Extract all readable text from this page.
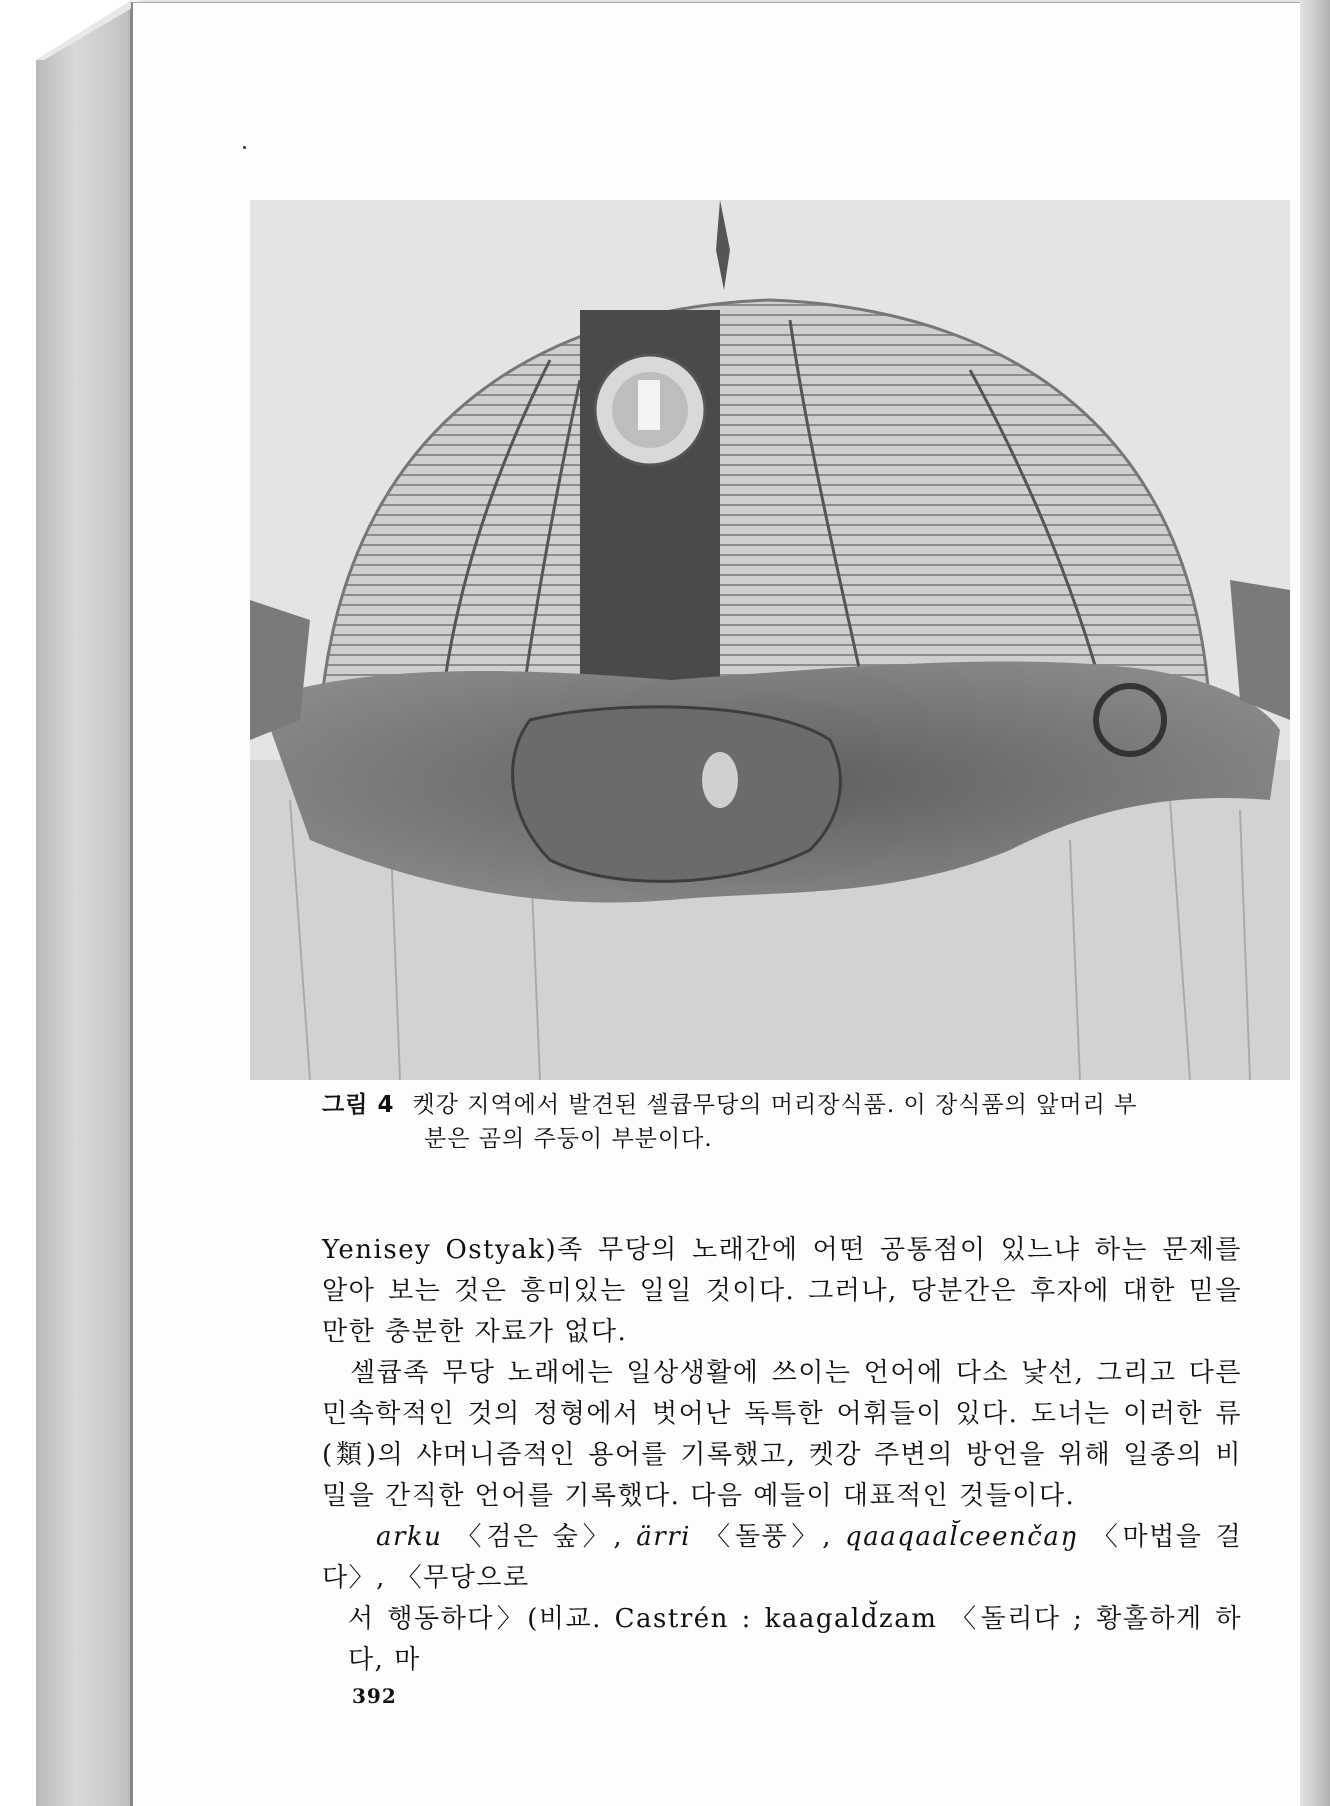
그림 4 켓강 지역에서 발견된 셀큡무당의 머리장식품. 이 장식품의 앞머리 부
분은 곰의 주둥이 부분이다.

Yenisey Ostyak)족 무당의 노래간에 어떤 공통점이 있느냐 하는 문제를 알아 보는 것은 흥미있는 일일 것이다. 그러나, 당분간은 후자에 대한 믿을 만한 충분한 자료가 없다.

셀큡족 무당 노래에는 일상생활에 쓰이는 언어에 다소 낯선, 그리고 다른 민속학적인 것의 정형에서 벗어난 독특한 어휘들이 있다. 도너는 이러한 류(類)의 샤머니즘적인 용어를 기록했고, 켓강 주변의 방언을 위해 일종의 비밀을 간직한 언어를 기록했다. 다음 예들이 대표적인 것들이다.

arku 〈검은 숲〉, ärri 〈돌풍〉, qaaqaal̆ceenčaŋ 〈마법을 걸다〉, 〈무당으로

서 행동하다〉(비교. Castrén : kaagald̆zam 〈돌리다 ; 황홀하게 하다, 마
392
